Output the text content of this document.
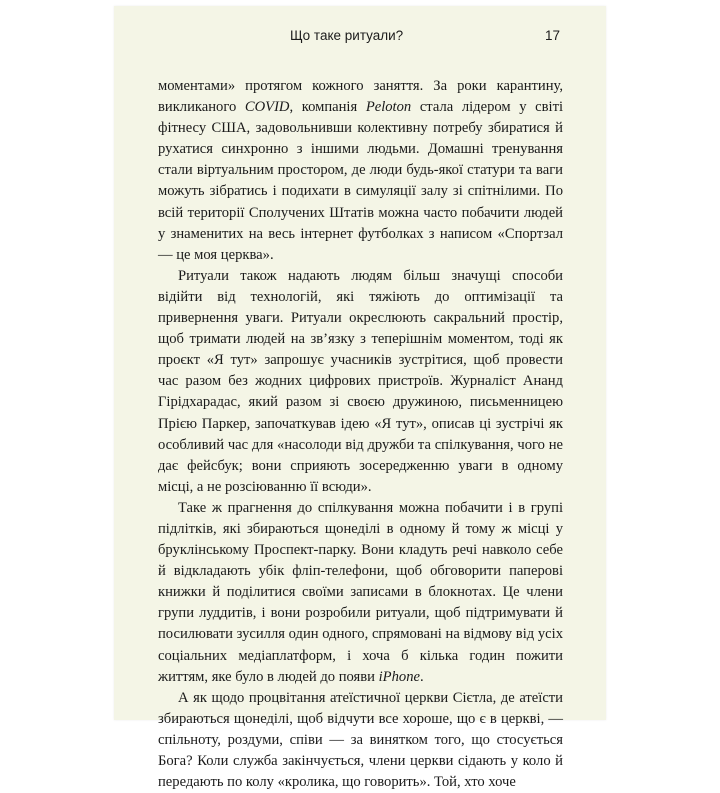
Що таке ритуали?	17

моментами» протягом кожного заняття. За роки карантину, викликаного COVID, компанія Peloton стала лідером у світі фітнесу США, задовольнивши колективну потребу збиратися й рухатися синхронно з іншими людьми. Домашні тренування стали віртуальним простором, де люди будь-якої статури та ваги можуть зібратись і подихати в симуляції залу зі спітнілими. По всій території Сполучених Штатів можна часто побачити людей у знаменитих на весь інтернет футболках з написом «Спортзал — це моя церква».

Ритуали також надають людям більш значущі способи відійти від технологій, які тяжіють до оптимізації та привернення уваги. Ритуали окреслюють сакральний простір, щоб тримати людей на зв’язку з теперішнім моментом, тоді як проєкт «Я тут» запрошує учасників зустрітися, щоб провести час разом без жодних цифрових пристроїв. Журналіст Ананд Гірідхарадас, який разом зі своєю дружиною, письменницею Прією Паркер, започаткував ідею «Я тут», описав ці зустрічі як особливий час для «насолоди від дружби та спілкування, чого не дає фейсбук; вони сприяють зосередженню уваги в одному місці, а не розсіюванню її всюди».

Таке ж прагнення до спілкування можна побачити і в групі підлітків, які збираються щонеділі в одному й тому ж місці у бруклінському Проспект-парку. Вони кладуть речі навколо себе й відкладають убік фліп-телефони, щоб обговорити паперові книжки й поділитися своїми записами в блокнотах. Це члени групи луддитів, і вони розробили ритуали, щоб підтримувати й посилювати зусилля один одного, спрямовані на відмову від усіх соціальних медіаплатформ, і хоча б кілька годин пожити життям, яке було в людей до появи iPhone.

А як щодо процвітання атеїстичної церкви Сієтла, де атеїсти збираються щонеділі, щоб відчути все хороше, що є в церкві, — спільноту, роздуми, співи — за винятком того, що стосується Бога? Коли служба закінчується, члени церкви сідають у коло й передають по колу «кролика, що говорить». Той, хто хоче
